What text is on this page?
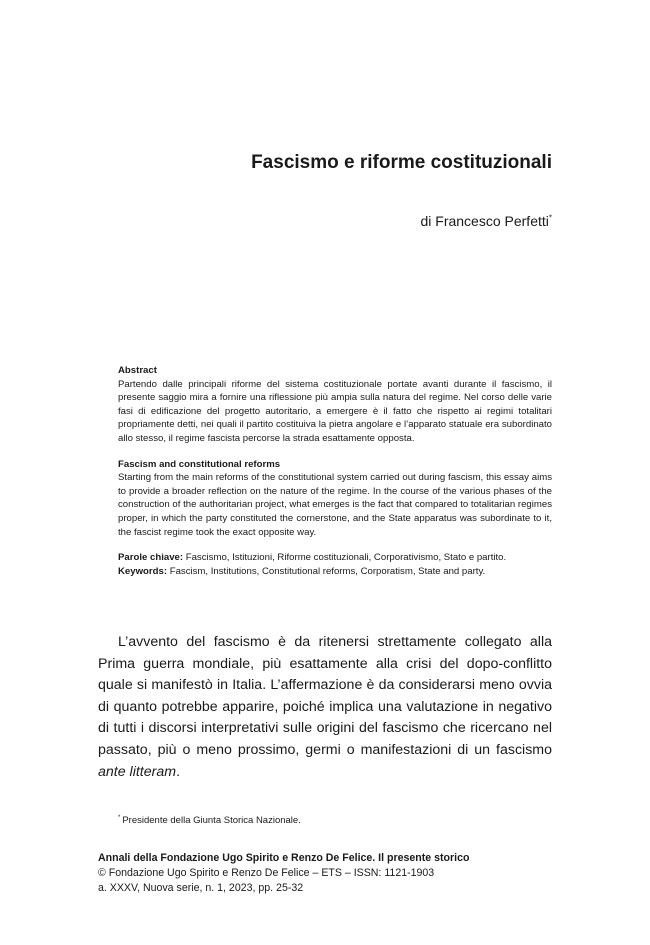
Fascismo e riforme costituzionali
di Francesco Perfetti*

Abstract

Partendo dalle principali riforme del sistema costituzionale portate avanti durante il fascismo, il presente saggio mira a fornire una riflessione più ampia sulla natura del regime. Nel corso delle varie fasi di edificazione del progetto autoritario, a emergere è il fatto che rispetto ai regimi totalitari propriamente detti, nei quali il partito costituiva la pietra angolare e l’apparato statuale era subordinato allo stesso, il regime fascista percorse la strada esattamente opposta.

Fascism and constitutional reforms

Starting from the main reforms of the constitutional system carried out during fascism, this essay aims to provide a broader reflection on the nature of the regime. In the course of the various phases of the construction of the authoritarian project, what emerges is the fact that compared to totalitarian regimes proper, in which the party constituted the cornerstone, and the State apparatus was subordinate to it, the fascist regime took the exact opposite way.

Parole chiave: Fascismo, Istituzioni, Riforme costituzionali, Corporativismo, Stato e partito.

Keywords: Fascism, Institutions, Constitutional reforms, Corporatism, State and party.

L’avvento del fascismo è da ritenersi strettamente collegato alla Prima guerra mondiale, più esattamente alla crisi del dopo-conflitto quale si manifestò in Italia. L’affermazione è da considerarsi meno ovvia di quanto potrebbe apparire, poiché implica una valutazione in negativo di tutti i discorsi interpretativi sulle origini del fascismo che ricercano nel passato, più o meno prossimo, germi o manifestazioni di un fascismo ante litteram.

* Presidente della Giunta Storica Nazionale.

Annali della Fondazione Ugo Spirito e Renzo De Felice. Il presente storico

© Fondazione Ugo Spirito e Renzo De Felice – ETS – ISSN: 1121-1903

a. XXXV, Nuova serie, n. 1, 2023, pp. 25-32
